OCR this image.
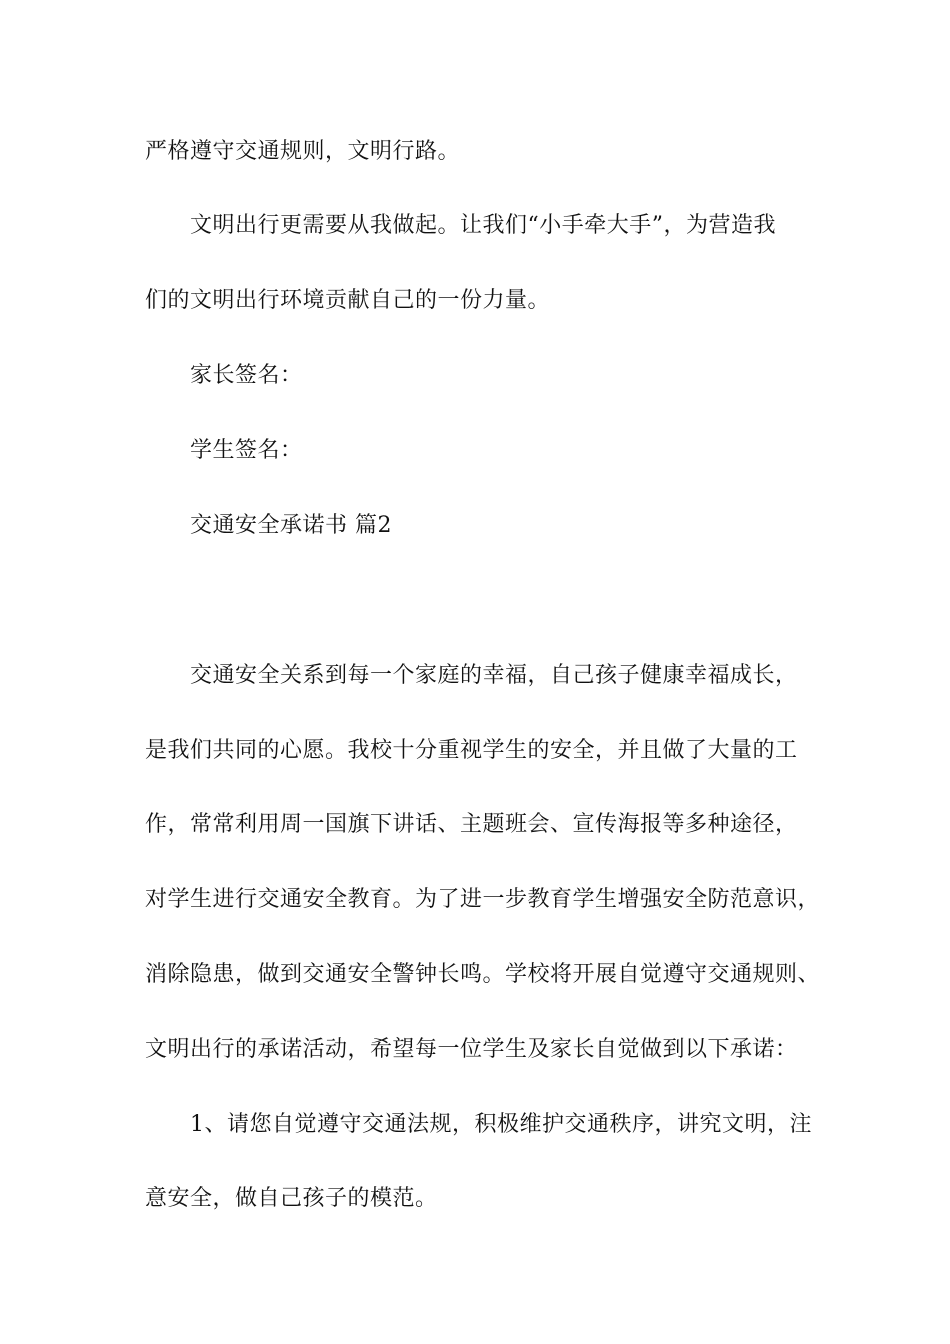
严格遵守交通规则，文明行路。
文明出行更需要从我做起。让我们“小手牵大手”，为营造我
们的文明出行环境贡献自己的一份力量。
家长签名：
学生签名：
交通安全承诺书 篇2
交通安全关系到每一个家庭的幸福，自己孩子健康幸福成长，
是我们共同的心愿。我校十分重视学生的安全，并且做了大量的工
作，常常利用周一国旗下讲话、主题班会、宣传海报等多种途径，
对学生进行交通安全教育。为了进一步教育学生增强安全防范意识，
消除隐患，做到交通安全警钟长鸣。学校将开展自觉遵守交通规则、
文明出行的承诺活动，希望每一位学生及家长自觉做到以下承诺：
1、请您自觉遵守交通法规，积极维护交通秩序，讲究文明，注
意安全，做自己孩子的模范。
